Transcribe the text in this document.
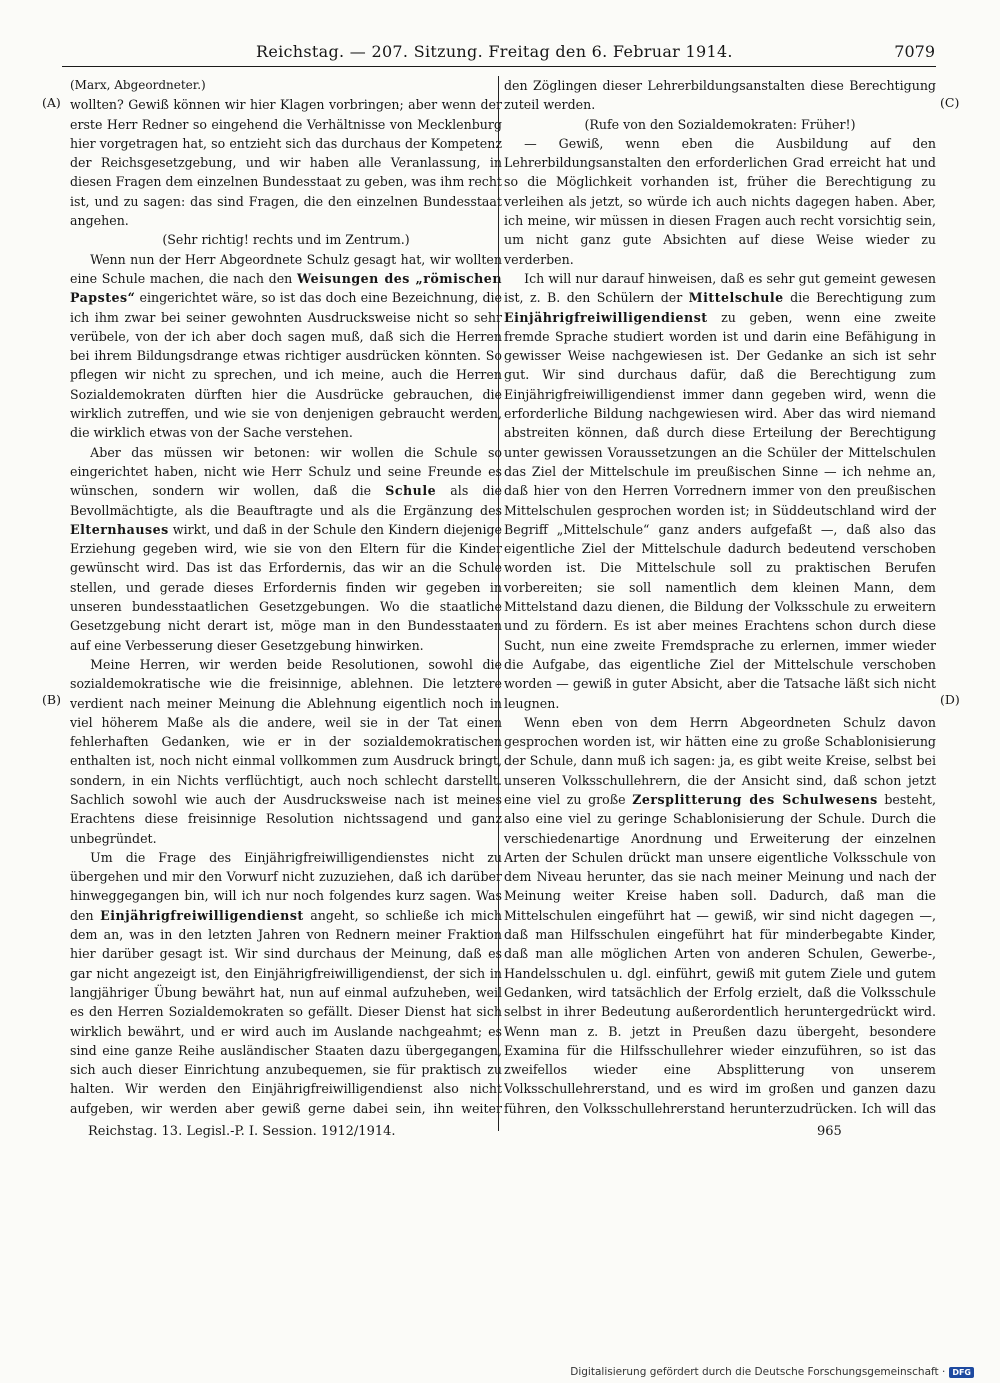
Reichstag. — 207. Sitzung. Freitag den 6. Februar 1914.	7079
(A)
(B)
(C)
(D)

(Marx, Abgeordneter.)

wollten? Gewiß können wir hier Klagen vorbringen; aber wenn der erste Herr Redner so eingehend die Verhältnisse von Mecklenburg hier vorgetragen hat, so entzieht sich das durchaus der Kompetenz der Reichsgesetzgebung, und wir haben alle Veranlassung, in diesen Fragen dem einzelnen Bundesstaat zu geben, was ihm recht ist, und zu sagen: das sind Fragen, die den einzelnen Bundesstaat angehen.

(Sehr richtig! rechts und im Zentrum.)

Wenn nun der Herr Abgeordnete Schulz gesagt hat, wir wollten eine Schule machen, die nach den Weisungen des „römischen Papstes“ eingerichtet wäre, so ist das doch eine Bezeichnung, die ich ihm zwar bei seiner gewohnten Ausdrucksweise nicht so sehr verübele, von der ich aber doch sagen muß, daß sich die Herren bei ihrem Bildungsdrange etwas richtiger ausdrücken könnten. So pflegen wir nicht zu sprechen, und ich meine, auch die Herren Sozialdemokraten dürften hier die Ausdrücke gebrauchen, die wirklich zutreffen, und wie sie von denjenigen gebraucht werden, die wirklich etwas von der Sache verstehen.

Aber das müssen wir betonen: wir wollen die Schule so eingerichtet haben, nicht wie Herr Schulz und seine Freunde es wünschen, sondern wir wollen, daß die Schule als die Bevollmächtigte, als die Beauftragte und als die Ergänzung des Elternhauses wirkt, und daß in der Schule den Kindern diejenige Erziehung gegeben wird, wie sie von den Eltern für die Kinder gewünscht wird. Das ist das Erfordernis, das wir an die Schule stellen, und gerade dieses Erfordernis finden wir gegeben in unseren bundesstaatlichen Gesetzgebungen. Wo die staatliche Gesetzgebung nicht derart ist, möge man in den Bundesstaaten auf eine Verbesserung dieser Gesetzgebung hinwirken.

Meine Herren, wir werden beide Resolutionen, sowohl die sozialdemokratische wie die freisinnige, ablehnen. Die letztere verdient nach meiner Meinung die Ablehnung eigentlich noch in viel höherem Maße als die andere, weil sie in der Tat einen fehlerhaften Gedanken, wie er in der sozialdemokratischen enthalten ist, noch nicht einmal vollkommen zum Ausdruck bringt, sondern, in ein Nichts verflüchtigt, auch noch schlecht darstellt. Sachlich sowohl wie auch der Ausdrucksweise nach ist meines Erachtens diese freisinnige Resolution nichtssagend und ganz unbegründet.

Um die Frage des Einjährigfreiwilligendienstes nicht zu übergehen und mir den Vorwurf nicht zuzuziehen, daß ich darüber hinweggegangen bin, will ich nur noch folgendes kurz sagen. Was den Einjährigfreiwilligendienst angeht, so schließe ich mich dem an, was in den letzten Jahren von Rednern meiner Fraktion hier darüber gesagt ist. Wir sind durchaus der Meinung, daß es gar nicht angezeigt ist, den Einjährigfreiwilligendienst, der sich in langjähriger Übung bewährt hat, nun auf einmal aufzuheben, weil es den Herren Sozialdemokraten so gefällt. Dieser Dienst hat sich wirklich bewährt, und er wird auch im Auslande nachgeahmt; es sind eine ganze Reihe ausländischer Staaten dazu übergegangen, sich auch dieser Einrichtung anzubequemen, sie für praktisch zu halten. Wir werden den Einjährigfreiwilligendienst also nicht aufgeben, wir werden aber gewiß gerne dabei sein, ihn weiter

den Zöglingen dieser Lehrerbildungsanstalten diese Berechtigung zuteil werden.

(Rufe von den Sozialdemokraten: Früher!)

— Gewiß, wenn eben die Ausbildung auf den Lehrerbildungsanstalten den erforderlichen Grad erreicht hat und so die Möglichkeit vorhanden ist, früher die Berechtigung zu verleihen als jetzt, so würde ich auch nichts dagegen haben. Aber, ich meine, wir müssen in diesen Fragen auch recht vorsichtig sein, um nicht ganz gute Absichten auf diese Weise wieder zu verderben.

Ich will nur darauf hinweisen, daß es sehr gut gemeint gewesen ist, z. B. den Schülern der Mittelschule die Berechtigung zum Einjährigfreiwilligendienst zu geben, wenn eine zweite fremde Sprache studiert worden ist und darin eine Befähigung in gewisser Weise nachgewiesen ist. Der Gedanke an sich ist sehr gut. Wir sind durchaus dafür, daß die Berechtigung zum Einjährigfreiwilligendienst immer dann gegeben wird, wenn die erforderliche Bildung nachgewiesen wird. Aber das wird niemand abstreiten können, daß durch diese Erteilung der Berechtigung unter gewissen Voraussetzungen an die Schüler der Mittelschulen das Ziel der Mittelschule im preußischen Sinne — ich nehme an, daß hier von den Herren Vorrednern immer von den preußischen Mittelschulen gesprochen worden ist; in Süddeutschland wird der Begriff „Mittelschule“ ganz anders aufgefaßt —, daß also das eigentliche Ziel der Mittelschule dadurch bedeutend verschoben worden ist. Die Mittelschule soll zu praktischen Berufen vorbereiten; sie soll namentlich dem kleinen Mann, dem Mittelstand dazu dienen, die Bildung der Volksschule zu erweitern und zu fördern. Es ist aber meines Erachtens schon durch diese Sucht, nun eine zweite Fremdsprache zu erlernen, immer wieder die Aufgabe, das eigentliche Ziel der Mittelschule verschoben worden — gewiß in guter Absicht, aber die Tatsache läßt sich nicht leugnen.

Wenn eben von dem Herrn Abgeordneten Schulz davon gesprochen worden ist, wir hätten eine zu große Schablonisierung der Schule, dann muß ich sagen: ja, es gibt weite Kreise, selbst bei unseren Volksschullehrern, die der Ansicht sind, daß schon jetzt eine viel zu große Zersplitterung des Schulwesens besteht, also eine viel zu geringe Schablonisierung der Schule. Durch die verschiedenartige Anordnung und Erweiterung der einzelnen Arten der Schulen drückt man unsere eigentliche Volksschule von dem Niveau herunter, das sie nach meiner Meinung und nach der Meinung weiter Kreise haben soll. Dadurch, daß man die Mittelschulen eingeführt hat — gewiß, wir sind nicht dagegen —, daß man Hilfsschulen eingeführt hat für minderbegabte Kinder, daß man alle möglichen Arten von anderen Schulen, Gewerbe-, Handelsschulen u. dgl. einführt, gewiß mit gutem Ziele und gutem Gedanken, wird tatsächlich der Erfolg erzielt, daß die Volksschule selbst in ihrer Bedeutung außerordentlich heruntergedrückt wird. Wenn man z. B. jetzt in Preußen dazu übergeht, besondere Examina für die Hilfsschullehrer wieder einzuführen, so ist das zweifellos wieder eine Absplitterung von unserem Volksschullehrerstand, und es wird im großen und ganzen dazu führen, den Volksschullehrerstand herunterzudrücken. Ich will das

Reichstag. 13. Legisl.-P. I. Session. 1912/1914.	965
Digitalisierung gefördert durch die Deutsche Forschungsgemeinschaft · DFG
